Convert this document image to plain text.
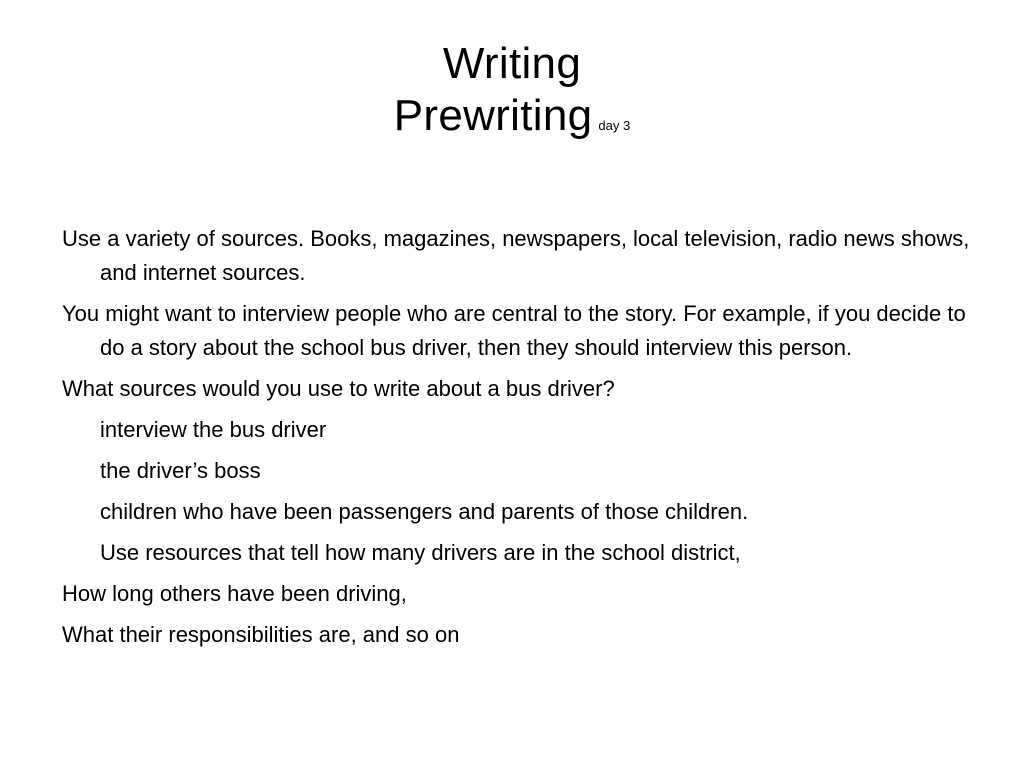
Writing
Prewriting day 3

Use a variety of sources. Books, magazines, newspapers, local television, radio news shows, and internet sources.

You might want to interview people who are central to the story. For example, if you decide to do a story about the school bus driver, then they should interview this person.

What sources would you use to write about a bus driver?

interview the bus driver

the driver’s boss

children who have been passengers and parents of those children.

Use resources that tell how many drivers are in the school district,

How long others have been driving,

What their responsibilities are, and so on
